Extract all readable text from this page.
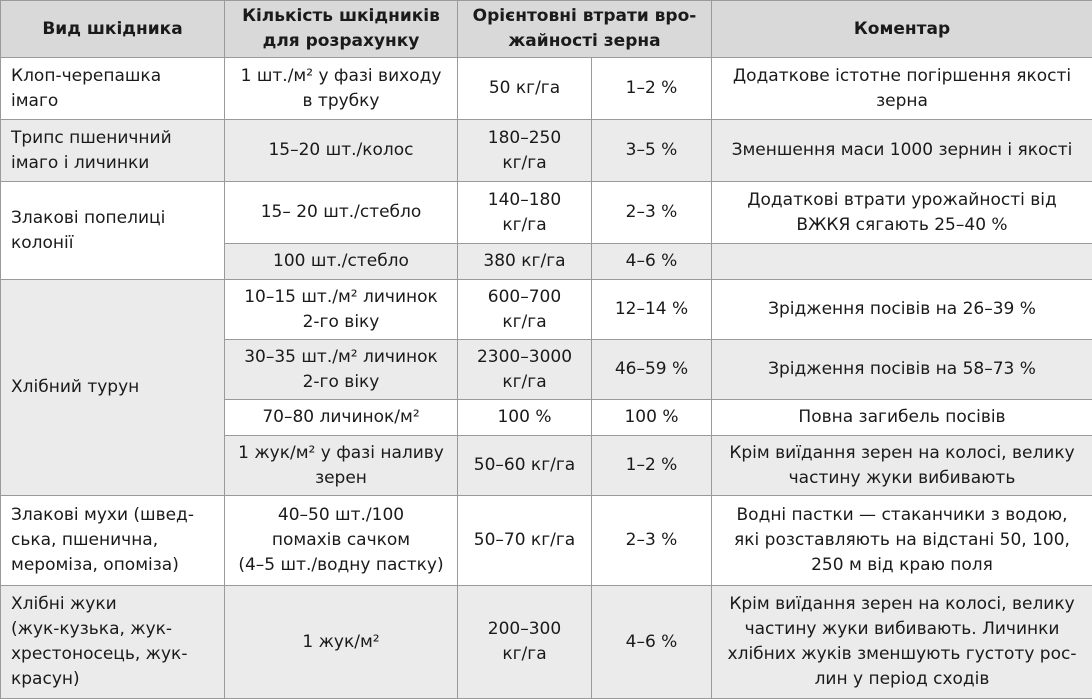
Вид шкідника	Кількість шкідників
для розрахунку	Орієнтовні втрати вро-
жайності зерна		Коментар

Клоп-черепашка
імаго	1 шт./м² у фазі виходу
в трубку	50 кг/га	1–2 %	Додаткове істотне погіршення якості
зерна

Трипс пшеничний
імаго і личинки	15–20 шт./колос	180–250
кг/га	3–5 %	Зменшення маси 1000 зернин і якості

Злакові попелиці
колонії	15– 20 шт./стебло	140–180
кг/га	2–3 %	Додаткові втрати урожайності від
ВЖКЯ сягають 25–40 %

	100 шт./стебло	380 кг/га	4–6 %	

Хлібний турун	10–15 шт./м² личинок
2-го віку	600–700
кг/га	12–14 %	Зрідження посівів на 26–39 %

	30–35 шт./м² личинок
2-го віку	2300–3000
кг/га	46–59 %	Зрідження посівів на 58–73 %

	70–80 личинок/м²	100 %	100 %	Повна загибель посівів

	1 жук/м² у фазі наливу
зерен	50–60 кг/га	1–2 %	Крім виїдання зерен на колосі, велику
частину жуки вибивають

Злакові мухи (швед-
ська, пшенична,
мероміза, опоміза)	40–50 шт./100
помахів сачком
(4–5 шт./водну пастку)	50–70 кг/га	2–3 %	Водні пастки — стаканчики з водою,
які розставляють на відстані 50, 100,
250 м від краю поля

Хлібні жуки
(жук-кузька, жук-
хрестоносець, жук-
красун)	1 жук/м²	200–300
кг/га	4–6 %	Крім виїдання зерен на колосі, велику
частину жуки вибивають. Личинки
хлібних жуків зменшують густоту рос-
лин у період сходів
